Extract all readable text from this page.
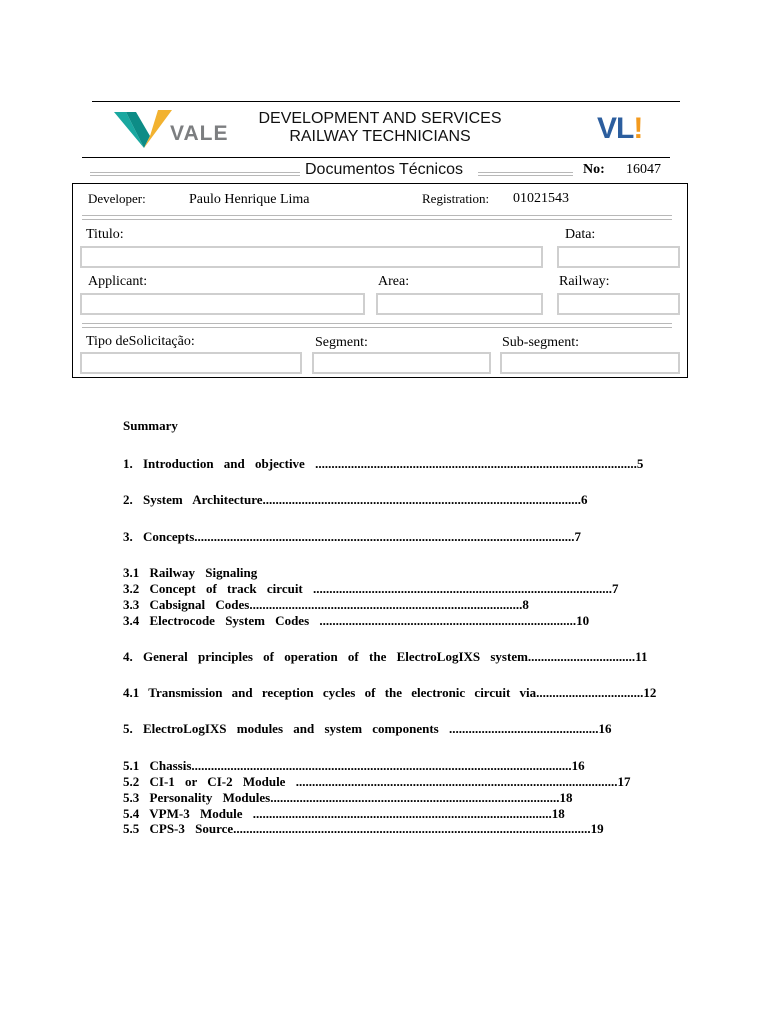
VALE
DEVELOPMENT AND SERVICES
RAILWAY TECHNICIANS	VL!
Documentos Técnicos	No: 16047
Developer:	Paulo Henrique Lima	Registration: 01021543
Titulo:	Data:
Applicant:	Area:	Railway:
Tipo deSolicitação:	Segment:	Sub-segment:
Summary
1. Introduction and objective ...................................................................................................5
2. System Architecture..................................................................................................6
3. Concepts.....................................................................................................................7
3.1 Railway Signaling
3.2 Concept of track circuit ............................................................................................7
3.3 Cabsignal Codes....................................................................................8
3.4 Electrocode System Codes ...............................................................................10
4. General principles of operation of the ElectroLogIXS system.................................11
4.1 Transmission and reception cycles of the electronic circuit via.................................12
5. ElectroLogIXS modules and system components ..............................................16
5.1 Chassis.....................................................................................................................16
5.2 CI-1 or CI-2 Module ...................................................................................................17
5.3 Personality Modules.........................................................................................18
5.4 VPM-3 Module ............................................................................................18
5.5 CPS-3 Source..............................................................................................................19
